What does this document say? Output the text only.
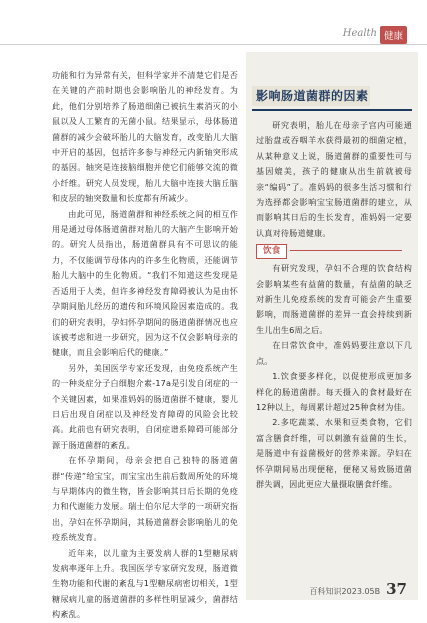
Health 健康

功能和行为异常有关，但科学家并不清楚它们是否在关键的产前时期也会影响胎儿的神经发育。为此，他们分别培养了肠道细菌已被抗生素消灭的小鼠以及人工繁育的无菌小鼠。结果显示，母体肠道菌群的减少会破坏胎儿的大脑发育，改变胎儿大脑中开启的基因，包括许多参与神经元内新轴突形成的基因。轴突是连接脑细胞并使它们能够交流的微小纤维。研究人员发现，胎儿大脑中连接大脑丘脑和皮层的轴突数量和长度都有所减少。

由此可见，肠道菌群和神经系统之间的相互作用是通过母体肠道菌群对胎儿的大脑产生影响开始的。研究人员指出，肠道菌群具有不可思议的能力，不仅能调节母体内的许多生化物质，还能调节胎儿大脑中的生化物质。“我们不知道这些发现是否适用于人类，但许多神经发育障碍被认为是由怀孕期间胎儿经历的遗传和环境风险因素造成的。我们的研究表明，孕妇怀孕期间的肠道菌群情况也应该被考虑和进一步研究，因为这不仅会影响母亲的健康，而且会影响后代的健康。”

另外，美国医学专家还发现，由免疫系统产生的一种炎症分子白细胞介素-17a是引发自闭症的一个关键因素，如果准妈妈的肠道菌群不健康，婴儿日后出现自闭症以及神经发育障碍的风险会比较高。此前也有研究表明，自闭症谱系障碍可能部分源于肠道菌群的紊乱。

在怀孕期间，母亲会把自己独特的肠道菌群“传递”给宝宝，而宝宝出生前后数周所处的环境与早期体内的微生物，皆会影响其日后长期的免疫力和代谢能力发展。瑞士伯尔尼大学的一项研究指出，孕妇在怀孕期间，其肠道菌群会影响胎儿的免疫系统发育。

近年来，以儿童为主要发病人群的1型糖尿病发病率逐年上升。我国医学专家研究发现，肠道微生物功能和代谢的紊乱与1型糖尿病密切相关，1型糖尿病儿童的肠道菌群的多样性明显减少，菌群结构紊乱。

影响肠道菌群的因素

研究表明，胎儿在母亲子宫内可能通过胎盘或吞咽羊水获得最初的细菌定植，从某种意义上说，肠道菌群的重要性可与基因媲美，孩子的健康从出生前就被母亲“编码”了。准妈妈的很多生活习惯和行为选择都会影响宝宝肠道菌群的建立，从而影响其日后的生长发育，准妈妈一定要认真对待肠道健康。

饮食

有研究发现，孕妇不合理的饮食结构会影响某些有益菌的数量，有益菌的缺乏对新生儿免疫系统的发育可能会产生重要影响，而肠道菌群的差异一直会持续到新生儿出生6周之后。

在日常饮食中，准妈妈要注意以下几点。

1.饮食要多样化，以促使形成更加多样化的肠道菌群。每天摄入的食材最好在12种以上，每周累计超过25种食材为佳。

2.多吃蔬菜、水果和豆类食物，它们富含膳食纤维，可以刺激有益菌的生长，是肠道中有益菌极好的营养来源。孕妇在怀孕期间易出现便秘，便秘又易致肠道菌群失调，因此更应大量摄取膳食纤维。

百科知识2023.05B 37
